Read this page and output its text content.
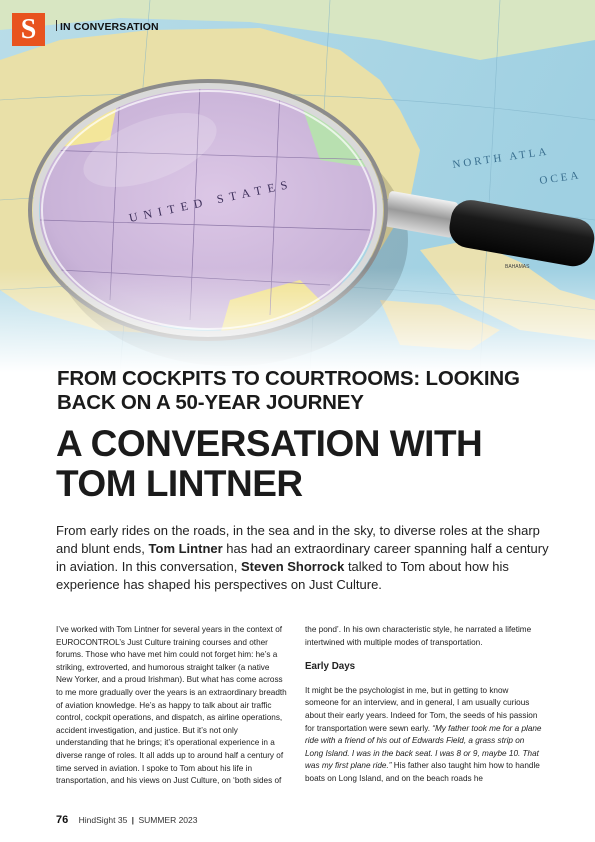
S	IN CONVERSATION
FROM COCKPITS TO COURTROOMS: LOOKING
BACK ON A 50-YEAR JOURNEY
A CONVERSATION WITH
TOM LINTNER
From early rides on the roads, in the sea and in the sky, to diverse roles at the sharp and blunt ends, Tom Lintner has had an extraordinary career spanning half a century in aviation. In this conversation, Steven Shorrock talked to Tom about how his experience has shaped his perspectives on Just Culture.

I’ve worked with Tom Lintner for several years in the context of EUROCONTROL’s Just Culture training courses and other forums. Those who have met him could not forget him: he’s a striking, extroverted, and humorous straight talker (a native New Yorker, and a proud Irishman). But what has come across to me more gradually over the years is an extraordinary breadth of aviation knowledge. He’s as happy to talk about air traffic control, cockpit operations, and dispatch, as airline operations, accident investigation, and justice. But it’s not only understanding that he brings; it’s operational experience in a diverse range of roles. It all adds up to around half a century of time served in aviation. I spoke to Tom about his life in transportation, and his views on Just Culture, on ‘both sides of

the pond’. In his own characteristic style, he narrated a lifetime intertwined with multiple modes of transportation.

Early Days

It might be the psychologist in me, but in getting to know someone for an interview, and in general, I am usually curious about their early years. Indeed for Tom, the seeds of his passion for transportation were sewn early. “My father took me for a plane ride with a friend of his out of Edwards Field, a grass strip on Long Island. I was in the back seat. I was 8 or 9, maybe 10. That was my first plane ride.” His father also taught him how to handle boats on Long Island, and on the beach roads he

76 HindSight 35 | SUMMER 2023
